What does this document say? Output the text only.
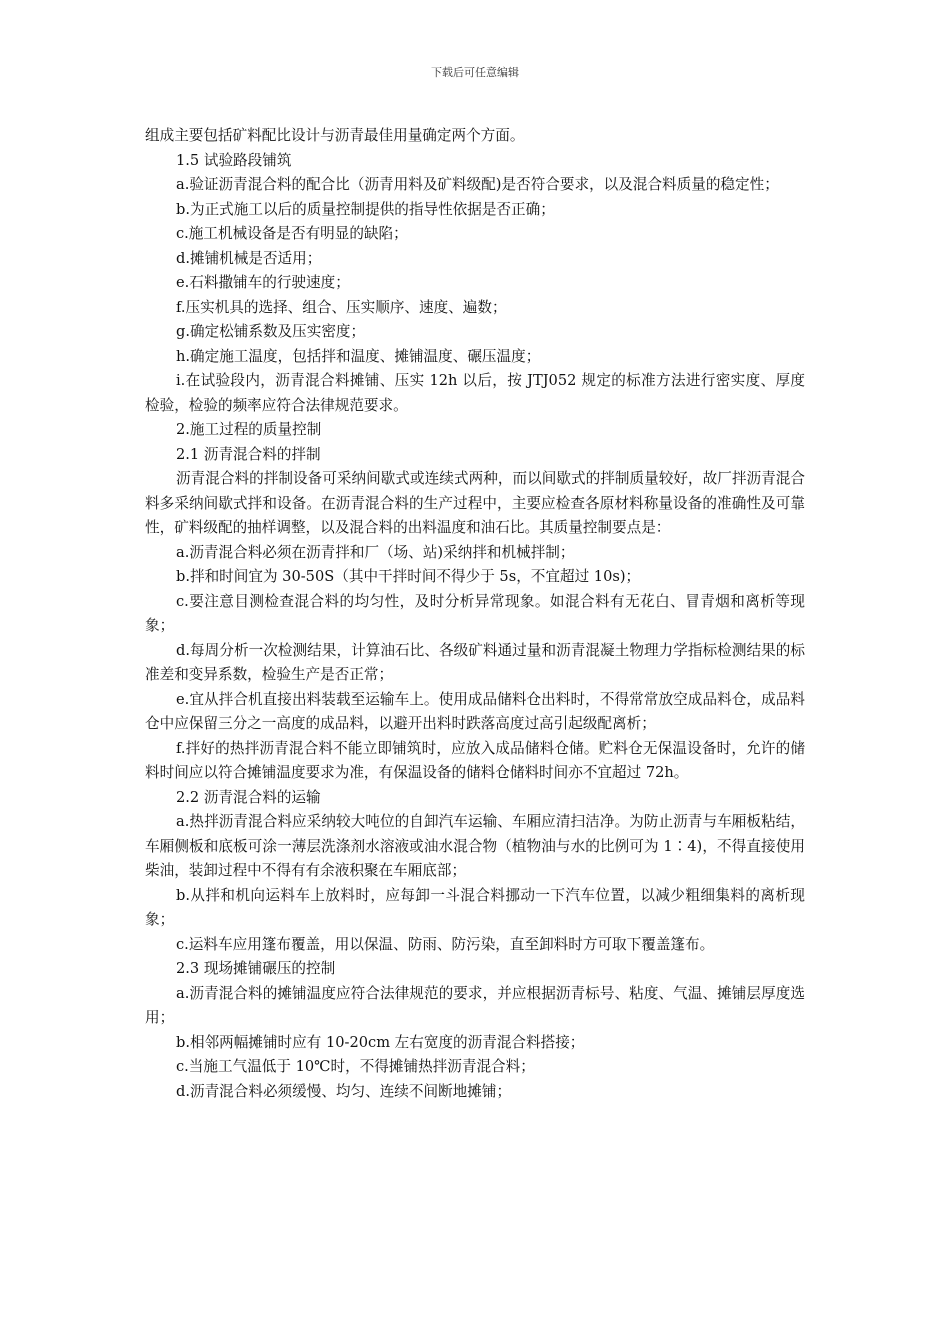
下载后可任意编辑

组成主要包括矿料配比设计与沥青最佳用量确定两个方面。

1.5 试验路段铺筑

a.验证沥青混合料的配合比（沥青用料及矿料级配)是否符合要求，以及混合料质量的稳定性；

b.为正式施工以后的质量控制提供的指导性依据是否正确；

c.施工机械设备是否有明显的缺陷；

d.摊铺机械是否适用；

e.石料撒铺车的行驶速度；

f.压实机具的选择、组合、压实顺序、速度、遍数；

g.确定松铺系数及压实密度；

h.确定施工温度，包括拌和温度、摊铺温度、碾压温度；

i.在试验段内，沥青混合料摊铺、压实 12h 以后，按 JTJ052 规定的标准方法进行密实度、厚度检验，检验的频率应符合法律规范要求。

2.施工过程的质量控制

2.1 沥青混合料的拌制

沥青混合料的拌制设备可采纳间歇式或连续式两种，而以间歇式的拌制质量较好，故厂拌沥青混合料多采纳间歇式拌和设备。在沥青混合料的生产过程中，主要应检查各原材料称量设备的准确性及可靠性，矿料级配的抽样调整，以及混合料的出料温度和油石比。其质量控制要点是：

a.沥青混合料必须在沥青拌和厂（场、站)采纳拌和机械拌制；

b.拌和时间宜为 30-50S（其中干拌时间不得少于 5s，不宜超过 10s)；

c.要注意目测检查混合料的均匀性，及时分析异常现象。如混合料有无花白、冒青烟和离析等现象；

d.每周分析一次检测结果，计算油石比、各级矿料通过量和沥青混凝土物理力学指标检测结果的标准差和变异系数，检验生产是否正常；

e.宜从拌合机直接出料装载至运输车上。使用成品储料仓出料时，不得常常放空成品料仓，成品料仓中应保留三分之一高度的成品料，以避开出料时跌落高度过高引起级配离析；

f.拌好的热拌沥青混合料不能立即铺筑时，应放入成品储料仓储。贮料仓无保温设备时，允许的储料时间应以符合摊铺温度要求为准，有保温设备的储料仓储料时间亦不宜超过 72h。

2.2 沥青混合料的运输

a.热拌沥青混合料应采纳较大吨位的自卸汽车运输、车厢应清扫洁净。为防止沥青与车厢板粘结，车厢侧板和底板可涂一薄层洗涤剂水溶液或油水混合物（植物油与水的比例可为 1∶4)，不得直接使用柴油，装卸过程中不得有有余液积聚在车厢底部；

b.从拌和机向运料车上放料时，应每卸一斗混合料挪动一下汽车位置，以减少粗细集料的离析现象；

c.运料车应用篷布覆盖，用以保温、防雨、防污染，直至卸料时方可取下覆盖篷布。

2.3 现场摊铺碾压的控制

a.沥青混合料的摊铺温度应符合法律规范的要求，并应根据沥青标号、粘度、气温、摊铺层厚度选用；

b.相邻两幅摊铺时应有 10-20cm 左右宽度的沥青混合料搭接；

c.当施工气温低于 10℃时，不得摊铺热拌沥青混合料；

d.沥青混合料必须缓慢、均匀、连续不间断地摊铺；
